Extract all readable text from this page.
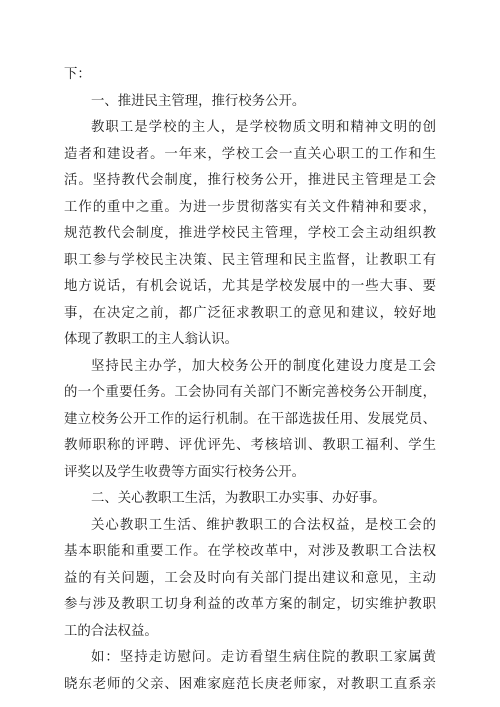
下：
一、推进民主管理，推行校务公开。
教职工是学校的主人，是学校物质文明和精神文明的创
造者和建设者。一年来，学校工会一直关心职工的工作和生
活。坚持教代会制度，推行校务公开，推进民主管理是工会
工作的重中之重。为进一步贯彻落实有关文件精神和要求，
规范教代会制度，推进学校民主管理，学校工会主动组织教
职工参与学校民主决策、民主管理和民主监督，让教职工有
地方说话，有机会说话，尤其是学校发展中的一些大事、要
事，在决定之前，都广泛征求教职工的意见和建议，较好地
体现了教职工的主人翁认识。
坚持民主办学，加大校务公开的制度化建设力度是工会
的一个重要任务。工会协同有关部门不断完善校务公开制度，
建立校务公开工作的运行机制。在干部选拔任用、发展党员、
教师职称的评聘、评优评先、考核培训、教职工福利、学生
评奖以及学生收费等方面实行校务公开。
二、关心教职工生活，为教职工办实事、办好事。
关心教职工生活、维护教职工的合法权益，是校工会的
基本职能和重要工作。在学校改革中，对涉及教职工合法权
益的有关问题，工会及时向有关部门提出建议和意见，主动
参与涉及教职工切身利益的改革方案的制定，切实维护教职
工的合法权益。
如：坚持走访慰问。走访看望生病住院的教职工家属黄
晓东老师的父亲、困难家庭范长庚老师家，对教职工直系亲
